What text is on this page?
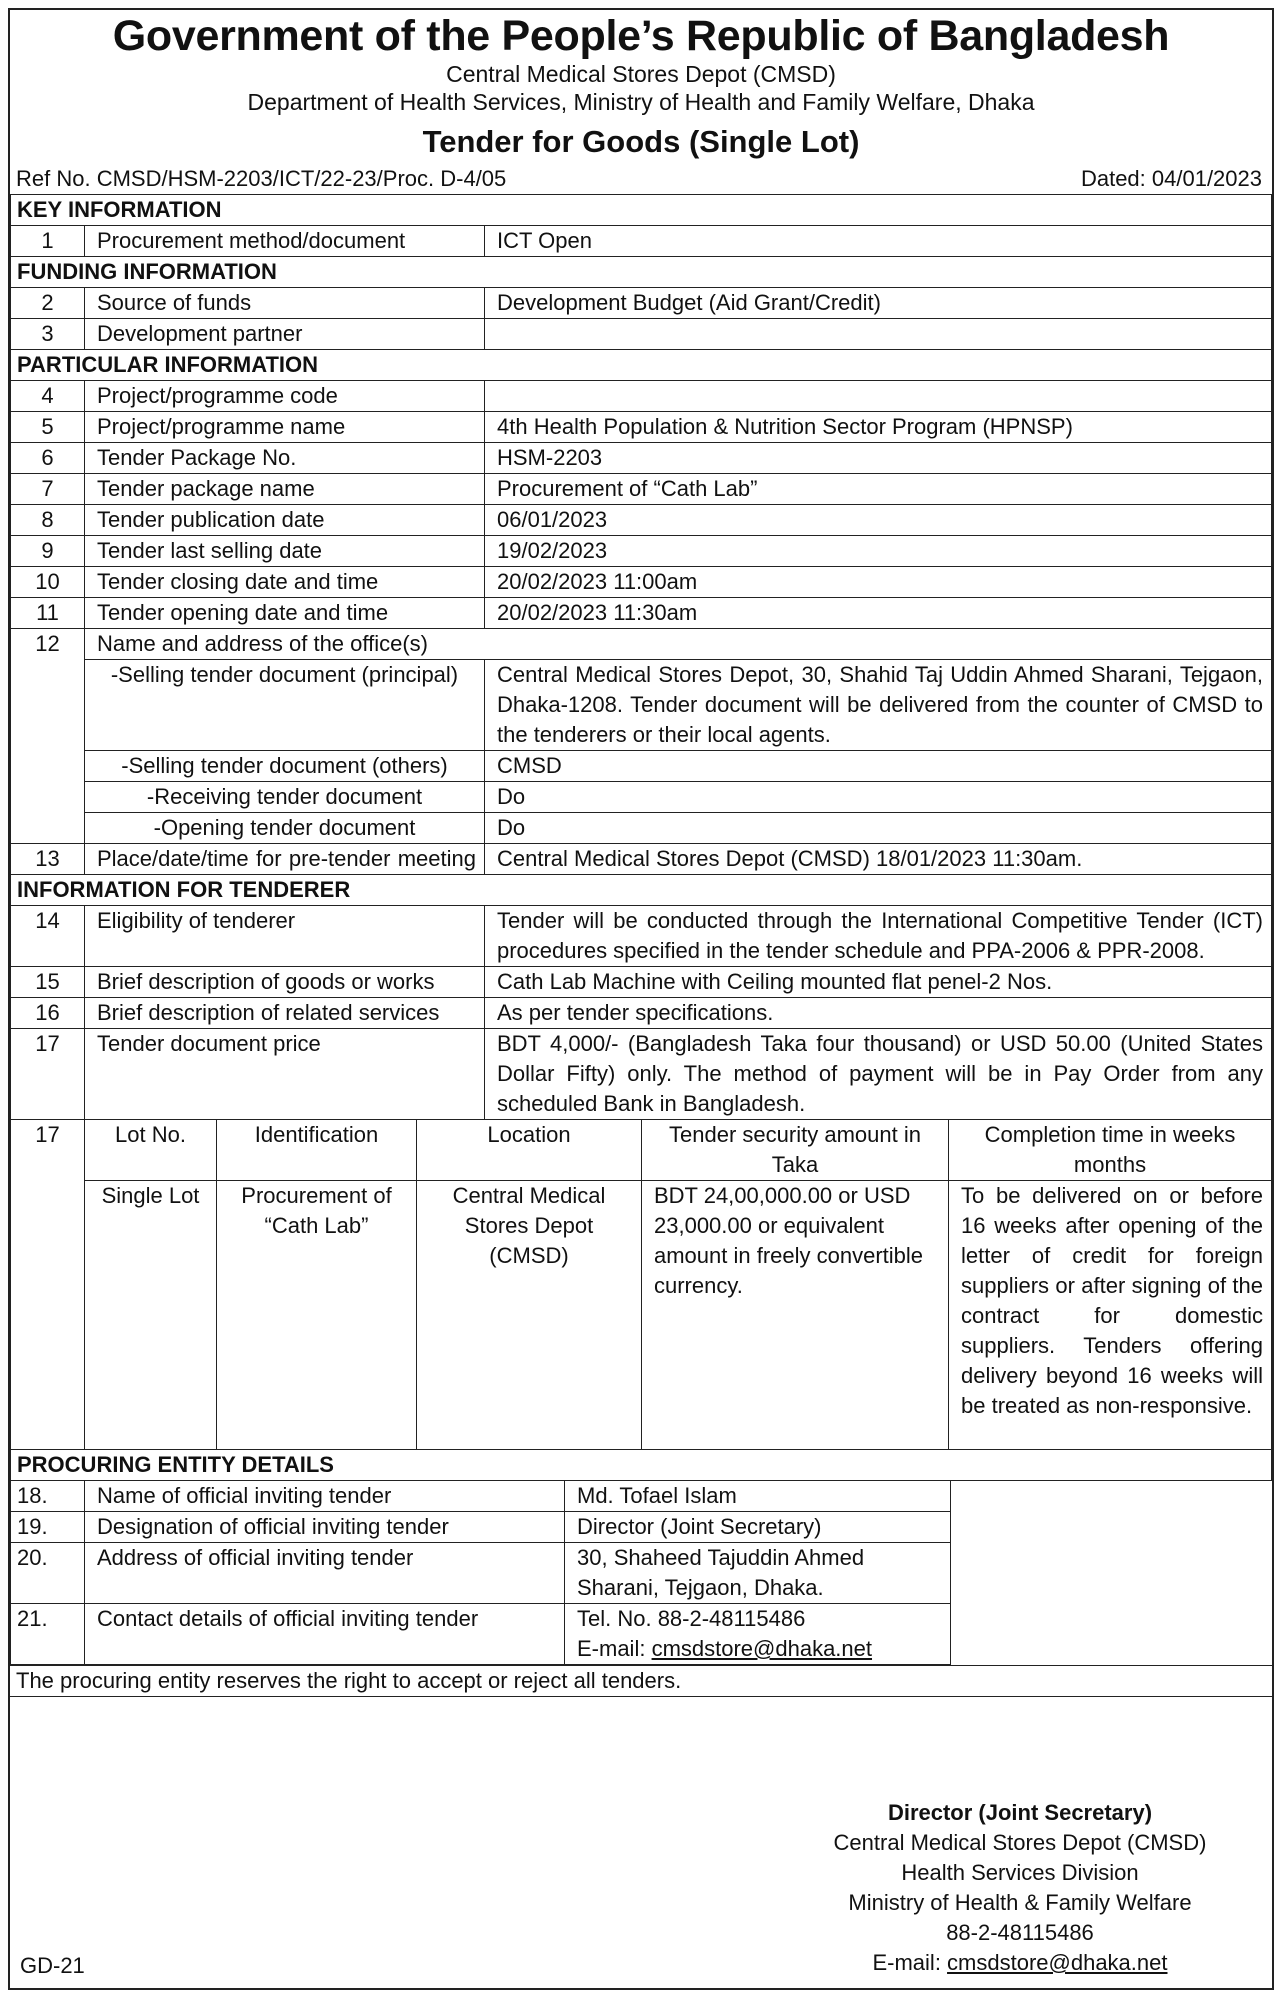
Government of the People’s Republic of Bangladesh
Central Medical Stores Depot (CMSD)
Department of Health Services, Ministry of Health and Family Welfare, Dhaka
Tender for Goods (Single Lot)
Ref No. CMSD/HSM-2203/ICT/22-23/Proc. D-4/05	Dated: 04/01/2023
KEY INFORMATION		
1	Procurement method/document	ICT Open
FUNDING INFORMATION		
2	Source of funds	Development Budget (Aid Grant/Credit)
3	Development partner	
PARTICULAR INFORMATION		
4	Project/programme code	
5	Project/programme name	4th Health Population & Nutrition Sector Program (HPNSP)
6	Tender Package No.	HSM-2203
7	Tender package name	Procurement of “Cath Lab”
8	Tender publication date	06/01/2023
9	Tender last selling date	19/02/2023
10	Tender closing date and time	20/02/2023 11:00am
11	Tender opening date and time	20/02/2023 11:30am
12	Name and address of the office(s)	
	-Selling tender document (principal)	Central Medical Stores Depot, 30, Shahid Taj Uddin Ahmed Sharani, Tejgaon, Dhaka-1208. Tender document will be delivered from the counter of CMSD to the tenderers or their local agents.
	-Selling tender document (others)	CMSD
	-Receiving tender document	Do
	-Opening tender document	Do
13	Place/date/time for pre-tender meeting	Central Medical Stores Depot (CMSD) 18/01/2023 11:30am.
INFORMATION FOR TENDERER		
14	Eligibility of tenderer	Tender will be conducted through the International Competitive Tender (ICT) procedures specified in the tender schedule and PPA-2006 & PPR-2008.
15	Brief description of goods or works	Cath Lab Machine with Ceiling mounted flat penel-2 Nos.
16	Brief description of related services	As per tender specifications.
17	Tender document price	BDT 4,000/- (Bangladesh Taka four thousand) or USD 50.00 (United States Dollar Fifty) only. The method of payment will be in Pay Order from any scheduled Bank in Bangladesh.
17	Lot No.	Identification	Location	Tender security amount in Taka	Completion time in weeks months
	Single Lot	Procurement of “Cath Lab”	Central Medical Stores Depot (CMSD)	BDT 24,00,000.00 or USD 23,000.00 or equivalent amount in freely convertible currency.	To be delivered on or before 16 weeks after opening of the letter of credit for foreign suppliers or after signing of the contract for domestic suppliers. Tenders offering delivery beyond 16 weeks will be treated as non-responsive.
PROCURING ENTITY DETAILS			
18.	Name of official inviting tender	Md. Tofael Islam	
19.	Designation of official inviting tender	Director (Joint Secretary)	
20.	Address of official inviting tender	30, Shaheed Tajuddin Ahmed Sharani, Tejgaon, Dhaka.	
21.	Contact details of official inviting tender	Tel. No. 88-2-48115486
E-mail: cmsdstore@dhaka.net	
The procuring entity reserves the right to accept or reject all tenders.
Director (Joint Secretary)
Central Medical Stores Depot (CMSD)
Health Services Division
Ministry of Health & Family Welfare
88-2-48115486
E-mail: cmsdstore@dhaka.net
GD-21
